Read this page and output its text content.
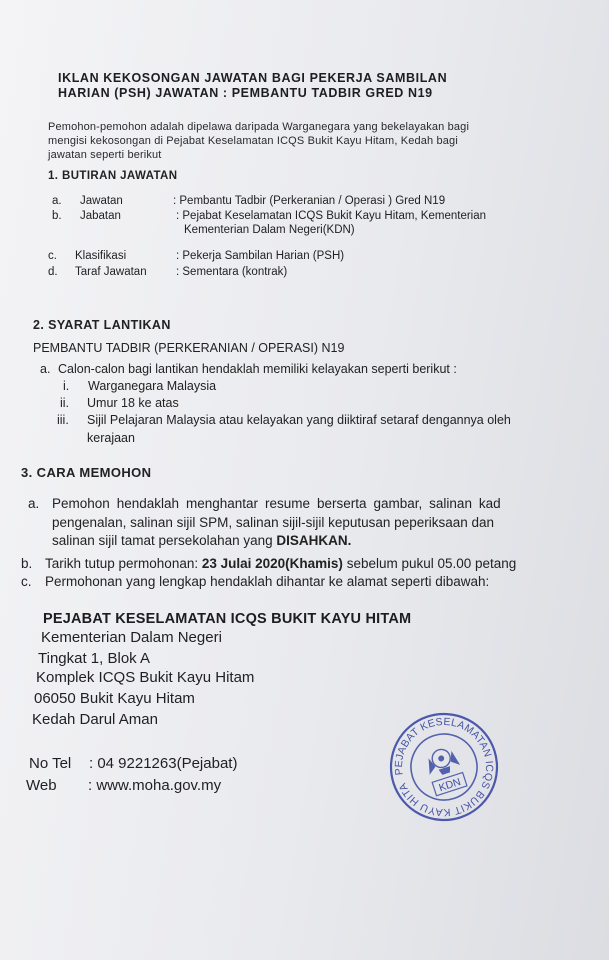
IKLAN KEKOSONGAN JAWATAN BAGI PEKERJA SAMBILAN
HARIAN (PSH) JAWATAN : PEMBANTU TADBIR GRED N19
Pemohon-pemohon adalah dipelawa daripada Warganegara yang bekelayakan bagi
mengisi kekosongan di Pejabat Keselamatan ICQS Bukit Kayu Hitam, Kedah bagi
jawatan seperti berikut
1. BUTIRAN JAWATAN
a. Jawatan	: Pembantu Tadbir (Perkeranian / Operasi ) Gred N19
b. Jabatan	: Pejabat Keselamatan ICQS Bukit Kayu Hitam, Kementerian
Kementerian Dalam Negeri(KDN)
c. Klasifikasi	: Pekerja Sambilan Harian (PSH)
d. Taraf Jawatan	: Sementara (kontrak)
2. SYARAT LANTIKAN
PEMBANTU TADBIR (PERKERANIAN / OPERASI) N19
a. Calon-calon bagi lantikan hendaklah memiliki kelayakan seperti berikut :
i. Warganegara Malaysia
ii. Umur 18 ke atas
iii. Sijil Pelajaran Malaysia atau kelayakan yang diiktiraf setaraf dengannya oleh
kerajaan
3. CARA MEMOHON
a. Pemohon hendaklah menghantar resume berserta gambar, salinan kad
pengenalan, salinan sijil SPM, salinan sijil-sijil keputusan peperiksaan dan
salinan sijil tamat persekolahan yang DISAHKAN.
b. Tarikh tutup permohonan: 23 Julai 2020(Khamis) sebelum pukul 05.00 petang
c. Permohonan yang lengkap hendaklah dihantar ke alamat seperti dibawah:
PEJABAT KESELAMATAN ICQS BUKIT KAYU HITAM
Kementerian Dalam Negeri
Tingkat 1, Blok A
Komplek ICQS Bukit Kayu Hitam
06050 Bukit Kayu Hitam
Kedah Darul Aman
No Tel : 04 9221263(Pejabat)
Web : www.moha.gov.my
PEJABAT KESELAMATAN ICQS BUKIT KAYU HITAM
KDN
